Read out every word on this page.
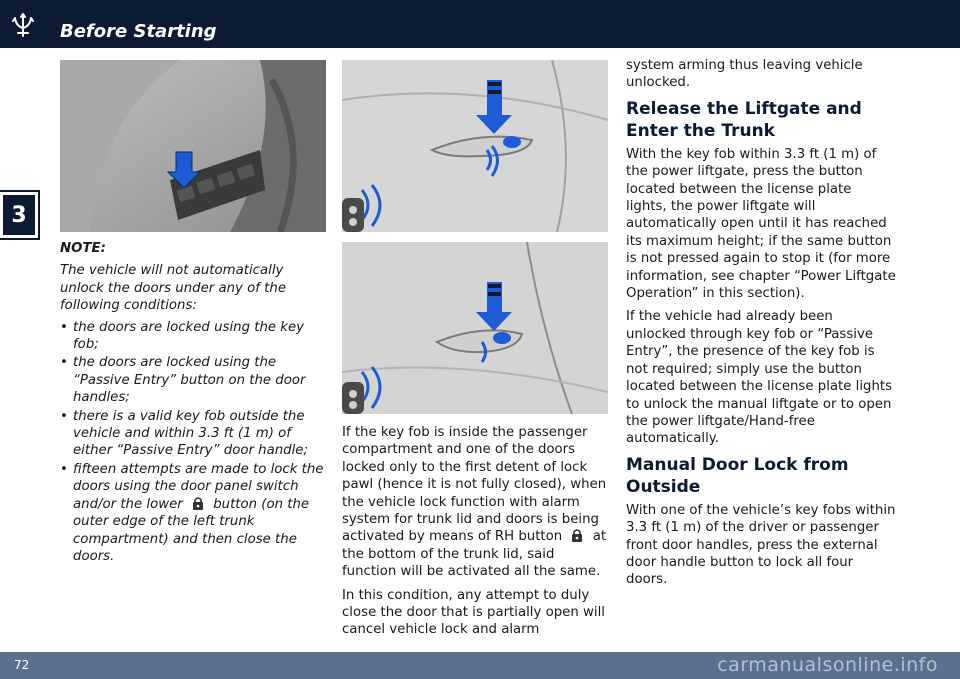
Before Starting
3
NOTE:
The vehicle will not automatically unlock the doors under any of the following conditions:
• the doors are locked using the key fob;
• the doors are locked using the “Passive Entry” button on the door handles;
• there is a valid key fob outside the vehicle and within 3.3 ft (1 m) of either “Passive Entry” door handle;
• fifteen attempts are made to lock the doors using the door panel switch and/or the lower button (on the outer edge of the left trunk compartment) and then close the doors.

If the key fob is inside the passenger compartment and one of the doors locked only to the first detent of lock pawl (hence it is not fully closed), when the vehicle lock function with alarm system for trunk lid and doors is being activated by means of RH button at the bottom of the trunk lid, said function will be activated all the same.

In this condition, any attempt to duly close the door that is partially open will cancel vehicle lock and alarm

system arming thus leaving vehicle unlocked.

Release the Liftgate and Enter the Trunk

With the key fob within 3.3 ft (1 m) of the power liftgate, press the button located between the license plate lights, the power liftgate will automatically open until it has reached its maximum height; if the same button is not pressed again to stop it (for more information, see chapter “Power Liftgate Operation” in this section).

If the vehicle had already been unlocked through key fob or “Passive Entry”, the presence of the key fob is not required; simply use the button located between the license plate lights to unlock the manual liftgate or to open the power liftgate/Hand-free automatically.

Manual Door Lock from Outside

With one of the vehicle’s key fobs within 3.3 ft (1 m) of the driver or passenger front door handles, press the external door handle button to lock all four doors.

72	carmanualsonline.info
